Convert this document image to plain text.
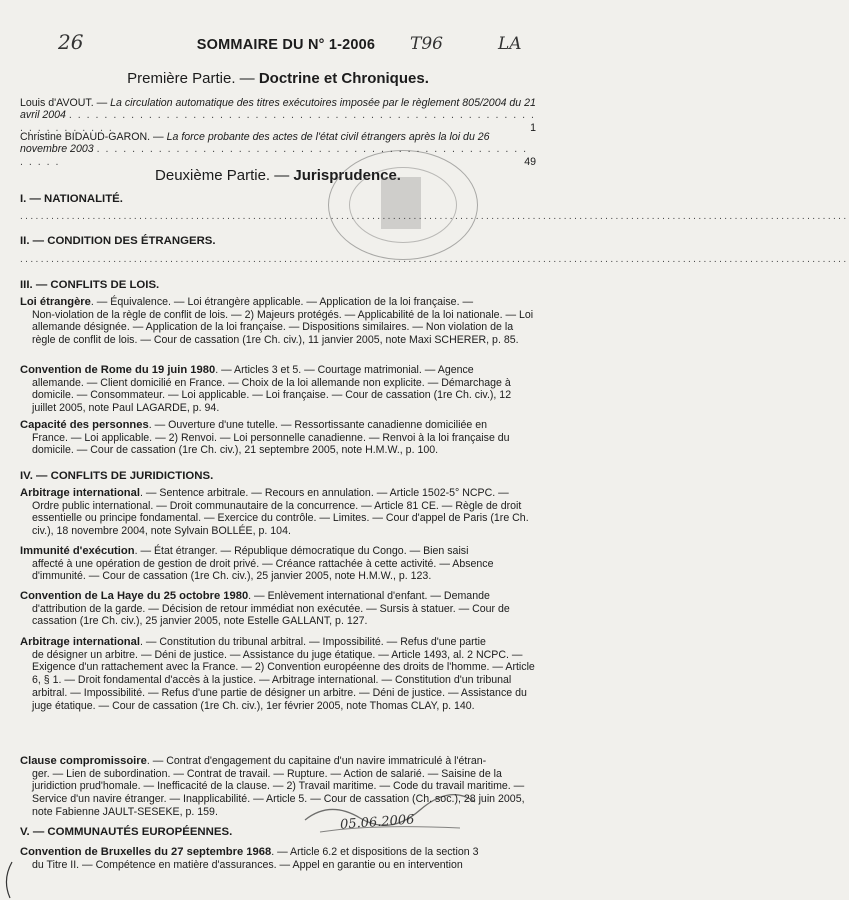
26	T96	LA
SOMMAIRE DU N° 1-2006
Première Partie. — Doctrine et Chroniques.
Louis d'AVOUT. — La circulation automatique des titres exécutoires imposée par le règlement 805/2004 du 21 avril 2004 . . . . . . . . . . . . . . . . . . . . . . . . . . . . . . . . . . . . . . . . . . . . . . . . . . . . . . . . . . . . . . . .	1
Christine BIDAUD-GARON. — La force probante des actes de l'état civil étrangers après la loi du 26 novembre 2003 . . . . . . . . . . . . . . . . . . . . . . . . . . . . . . . . . . . . . . . . . . . . . . . . . . . . . .	49
Deuxième Partie. — Jurisprudence.
I. — NATIONALITÉ.
................................................................................................................................................................
II. — CONDITION DES ÉTRANGERS.
................................................................................................................................................................
III. — CONFLITS DE LOIS.
Loi étrangère. — Équivalence. — Loi étrangère applicable. — Application de la loi française. —
Non-violation de la règle de conflit de lois. — 2) Majeurs protégés. — Applicabilité de la loi nationale. — Loi allemande désignée. — Application de la loi française. — Dispositions similaires. — Non violation de la règle de conflit de lois. — Cour de cassation (1re Ch. civ.), 11 janvier 2005, note Maxi SCHERER, p. 85.
Convention de Rome du 19 juin 1980. — Articles 3 et 5. — Courtage matrimonial. — Agence
allemande. — Client domicilié en France. — Choix de la loi allemande non explicite. — Démarchage à domicile. — Consommateur. — Loi applicable. — Loi française. — Cour de cassation (1re Ch. civ.), 12 juillet 2005, note Paul LAGARDE, p. 94.
Capacité des personnes. — Ouverture d'une tutelle. — Ressortissante canadienne domiciliée en
France. — Loi applicable. — 2) Renvoi. — Loi personnelle canadienne. — Renvoi à la loi française du domicile. — Cour de cassation (1re Ch. civ.), 21 septembre 2005, note H.M.W., p. 100.
IV. — CONFLITS DE JURIDICTIONS.
Arbitrage international. — Sentence arbitrale. — Recours en annulation. — Article 1502-5° NCPC. —
Ordre public international. — Droit communautaire de la concurrence. — Article 81 CE. — Règle de droit essentielle ou principe fondamental. — Exercice du contrôle. — Limites. — Cour d'appel de Paris (1re Ch. civ.), 18 novembre 2004, note Sylvain BOLLÉE, p. 104.
Immunité d'exécution. — État étranger. — République démocratique du Congo. — Bien saisi
affecté à une opération de gestion de droit privé. — Créance rattachée à cette activité. — Absence d'immunité. — Cour de cassation (1re Ch. civ.), 25 janvier 2005, note H.M.W., p. 123.
Convention de La Haye du 25 octobre 1980. — Enlèvement international d'enfant. — Demande
d'attribution de la garde. — Décision de retour immédiat non exécutée. — Sursis à statuer. — Cour de cassation (1re Ch. civ.), 25 janvier 2005, note Estelle GALLANT, p. 127.
Arbitrage international. — Constitution du tribunal arbitral. — Impossibilité. — Refus d'une partie
de désigner un arbitre. — Déni de justice. — Assistance du juge étatique. — Article 1493, al. 2 NCPC. — Exigence d'un rattachement avec la France. — 2) Convention européenne des droits de l'homme. — Article 6, § 1. — Droit fondamental d'accès à la justice. — Arbitrage international. — Constitution d'un tribunal arbitral. — Impossibilité. — Refus d'une partie de désigner un arbitre. — Déni de justice. — Assistance du juge étatique. — Cour de cassation (1re Ch. civ.), 1er février 2005, note Thomas CLAY, p. 140.
Clause compromissoire. — Contrat d'engagement du capitaine d'un navire immatriculé à l'étran-
ger. — Lien de subordination. — Contrat de travail. — Rupture. — Action de salarié. — Saisine de la juridiction prud'homale. — Inefficacité de la clause. — 2) Travail maritime. — Code du travail maritime. — Service d'un navire étranger. — Inapplicabilité. — Article 5. — Cour de cassation (Ch. soc.), 28 juin 2005, note Fabienne JAULT-SESEKE, p. 159.
V. — COMMUNAUTÉS EUROPÉENNES.
Convention de Bruxelles du 27 septembre 1968. — Article 6.2 et dispositions de la section 3
du Titre II. — Compétence en matière d'assurances. — Appel en garantie ou en intervention
05.06.2006
